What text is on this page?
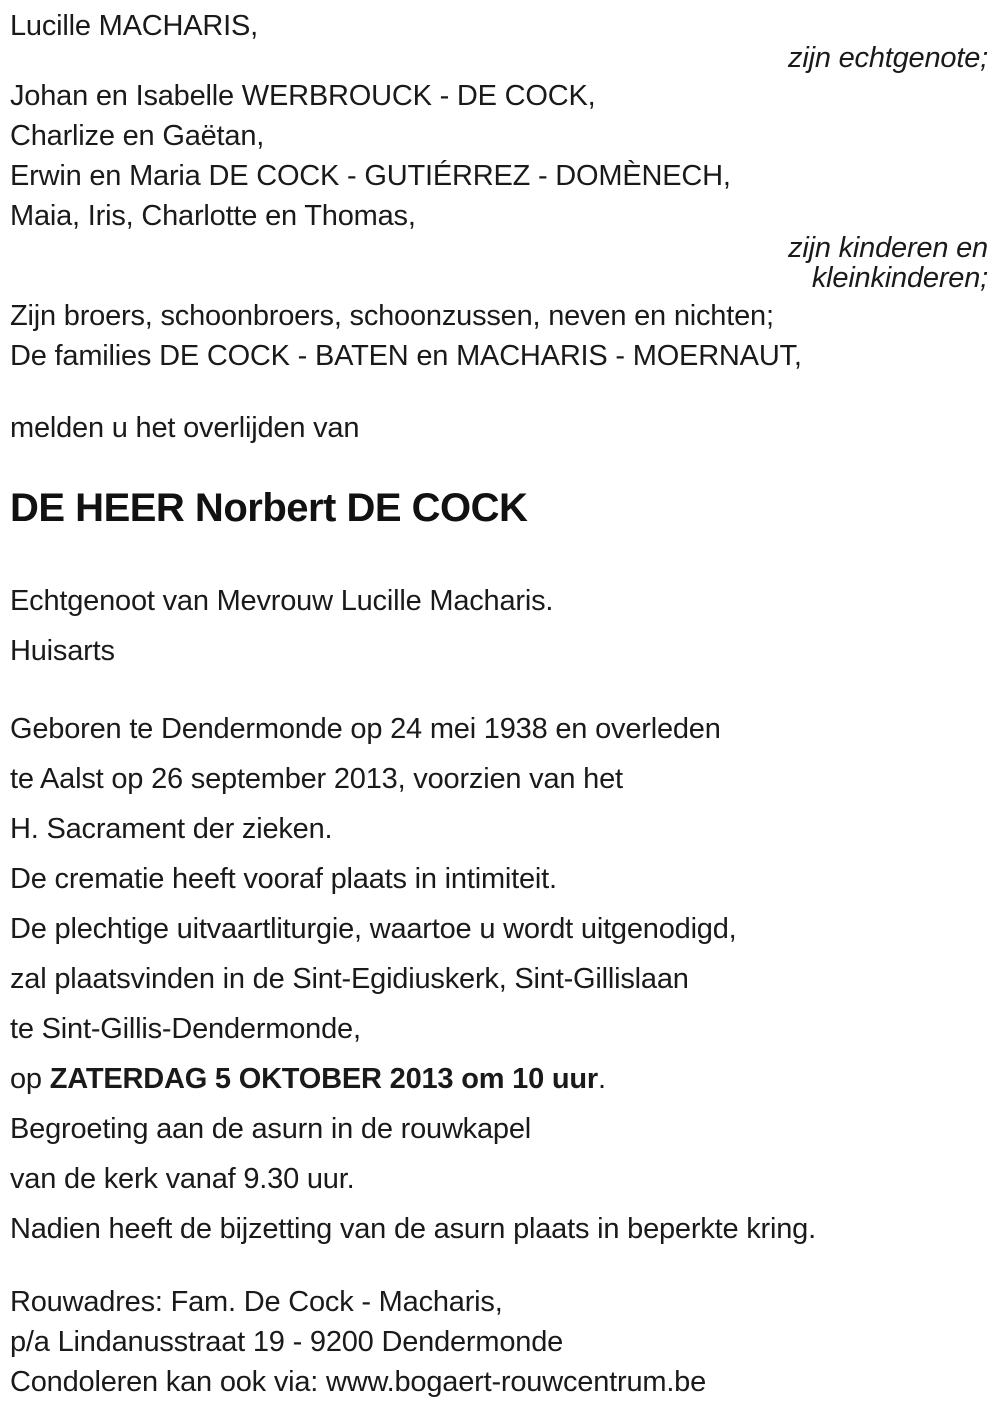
Lucille MACHARIS,
zijn echtgenote;
Johan en Isabelle WERBROUCK - DE COCK,
Charlize en Gaëtan,
Erwin en Maria DE COCK - GUTIÉRREZ - DOMÈNECH,
Maia, Iris, Charlotte en Thomas,
zijn kinderen en
kleinkinderen;
Zijn broers, schoonbroers, schoonzussen, neven en nichten;
De families DE COCK - BATEN en MACHARIS - MOERNAUT,
melden u het overlijden van
DE HEER Norbert DE COCK
Echtgenoot van Mevrouw Lucille Macharis.
Huisarts
Geboren te Dendermonde op 24 mei 1938 en overleden
te Aalst op 26 september 2013, voorzien van het
H. Sacrament der zieken.
De crematie heeft vooraf plaats in intimiteit.
De plechtige uitvaartliturgie, waartoe u wordt uitgenodigd,
zal plaatsvinden in de Sint-Egidiuskerk, Sint-Gillislaan
te Sint-Gillis-Dendermonde,
op ZATERDAG 5 OKTOBER 2013 om 10 uur.
Begroeting aan de asurn in de rouwkapel
van de kerk vanaf 9.30 uur.
Nadien heeft de bijzetting van de asurn plaats in beperkte kring.
Rouwadres: Fam. De Cock - Macharis,
p/a Lindanusstraat 19 - 9200 Dendermonde
Condoleren kan ook via: www.bogaert-rouwcentrum.be
